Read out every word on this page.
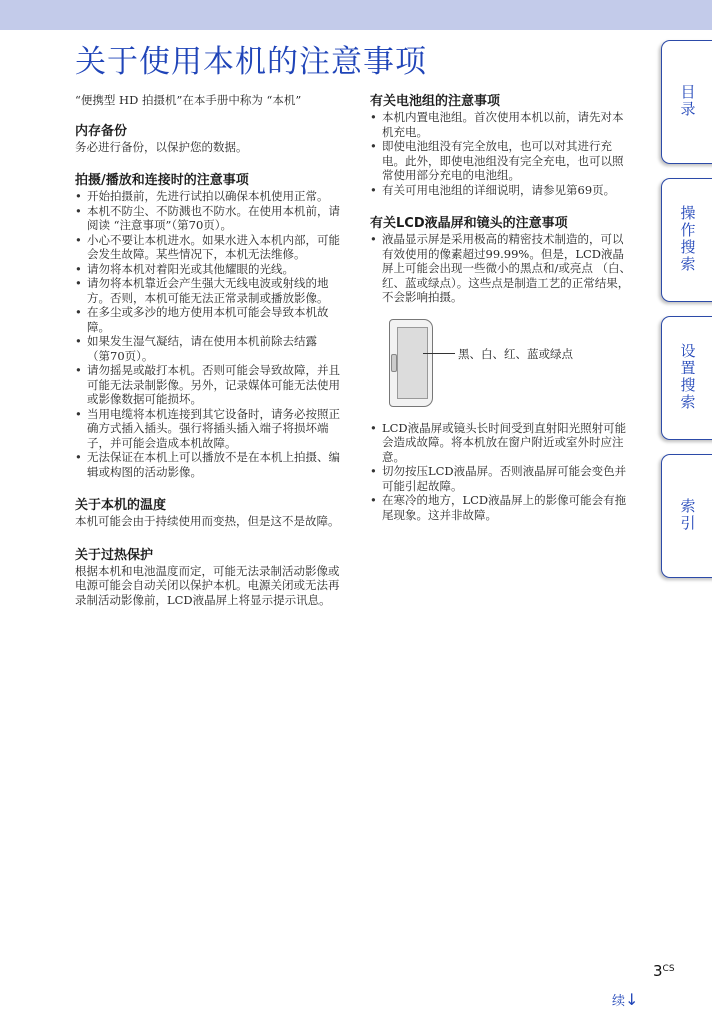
关于使用本机的注意事项

“便携型 HD 拍摄机”在本手册中称为 “本机”

内存备份

务必进行备份，以保护您的数据。

拍摄/播放和连接时的注意事项
• 开始拍摄前，先进行试拍以确保本机使用正常。
• 本机不防尘、不防溅也不防水。在使用本机前，请阅读 “注意事项”（第70页）。
• 小心不要让本机进水。如果水进入本机内部，可能会发生故障。某些情况下，本机无法维修。
• 请勿将本机对着阳光或其他耀眼的光线。
• 请勿将本机靠近会产生强大无线电波或射线的地方。否则，本机可能无法正常录制或播放影像。
• 在多尘或多沙的地方使用本机可能会导致本机故障。
• 如果发生湿气凝结，请在使用本机前除去结露 （第70页）。
• 请勿摇晃或敲打本机。否则可能会导致故障，并且可能无法录制影像。另外，记录媒体可能无法使用或影像数据可能损坏。
• 当用电缆将本机连接到其它设备时，请务必按照正确方式插入插头。强行将插头插入端子将损坏端子，并可能会造成本机故障。
• 无法保证在本机上可以播放不是在本机上拍摄、编辑或构图的活动影像。
关于本机的温度

本机可能会由于持续使用而变热，但是这不是故障。

关于过热保护

根据本机和电池温度而定，可能无法录制活动影像或电源可能会自动关闭以保护本机。电源关闭或无法再录制活动影像前，LCD液晶屏上将显示提示讯息。

有关电池组的注意事项
• 本机内置电池组。首次使用本机以前，请先对本机充电。
• 即使电池组没有完全放电，也可以对其进行充电。此外，即使电池组没有完全充电，也可以照常使用部分充电的电池组。
• 有关可用电池组的详细说明，请参见第69页。
有关LCD液晶屏和镜头的注意事项
• 液晶显示屏是采用极高的精密技术制造的，可以有效使用的像素超过99.99%。但是，LCD液晶屏上可能会出现一些微小的黑点和/或亮点 （白、红、蓝或绿点）。这些点是制造工艺的正常结果，不会影响拍摄。
黑、白、红、蓝或绿点
• LCD液晶屏或镜头长时间受到直射阳光照射可能会造成故障。将本机放在窗户附近或室外时应注意。
• 切勿按压LCD液晶屏。否则液晶屏可能会变色并可能引起故障。
• 在寒冷的地方，LCD液晶屏上的影像可能会有拖尾现象。这并非故障。
目录
操作搜索
设置搜索
索引
$3^{CS}$
续↓
